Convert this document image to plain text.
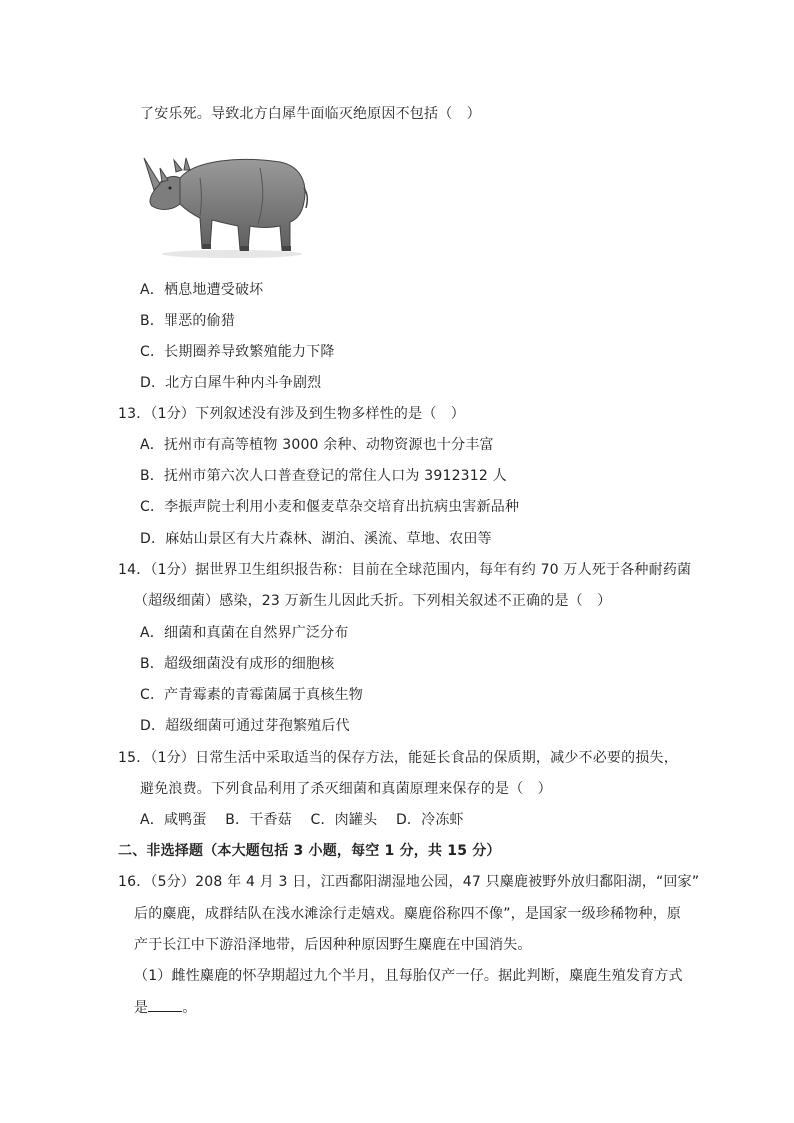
了安乐死。导致北方白犀牛面临灭绝原因不包括（　）
A．栖息地遭受破坏
B．罪恶的偷猎
C．长期圈养导致繁殖能力下降
D．北方白犀牛种内斗争剧烈
13．（1分）下列叙述没有涉及到生物多样性的是（　）
A．抚州市有高等植物 3000 余种、动物资源也十分丰富
B．抚州市第六次人口普查登记的常住人口为 3912312 人
C．李振声院士利用小麦和偃麦草杂交培育出抗病虫害新品种
D．麻姑山景区有大片森林、湖泊、溪流、草地、农田等
14．（1分）据世界卫生组织报告称：目前在全球范围内，每年有约 70 万人死于各种耐药菌
（超级细菌）感染，23 万新生儿因此夭折。下列相关叙述不正确的是（　）
A．细菌和真菌在自然界广泛分布
B．超级细菌没有成形的细胞核
C．产青霉素的青霉菌属于真核生物
D．超级细菌可通过芽孢繁殖后代
15．（1分）日常生活中采取适当的保存方法，能延长食品的保质期，减少不必要的损失，
避免浪费。下列食品利用了杀灭细菌和真菌原理来保存的是（　）
A．咸鸭蛋 B．干香菇 C．肉罐头 D．冷冻虾
二、非选择题（本大题包括 3 小题，每空 1 分，共 15 分）
16．（5分）208 年 4 月 3 日，江西鄱阳湖湿地公园，47 只麋鹿被野外放归鄱阳湖，“回家”
后的麋鹿，成群结队在浅水滩涂行走嬉戏。麋鹿俗称四不像”，是国家一级珍稀物种，原
产于长江中下游沿泽地带，后因种种原因野生麋鹿在中国消失。
（1）雌性麋鹿的怀孕期超过九个半月，且每胎仅产一仔。据此判断，麋鹿生殖发育方式
是 。
